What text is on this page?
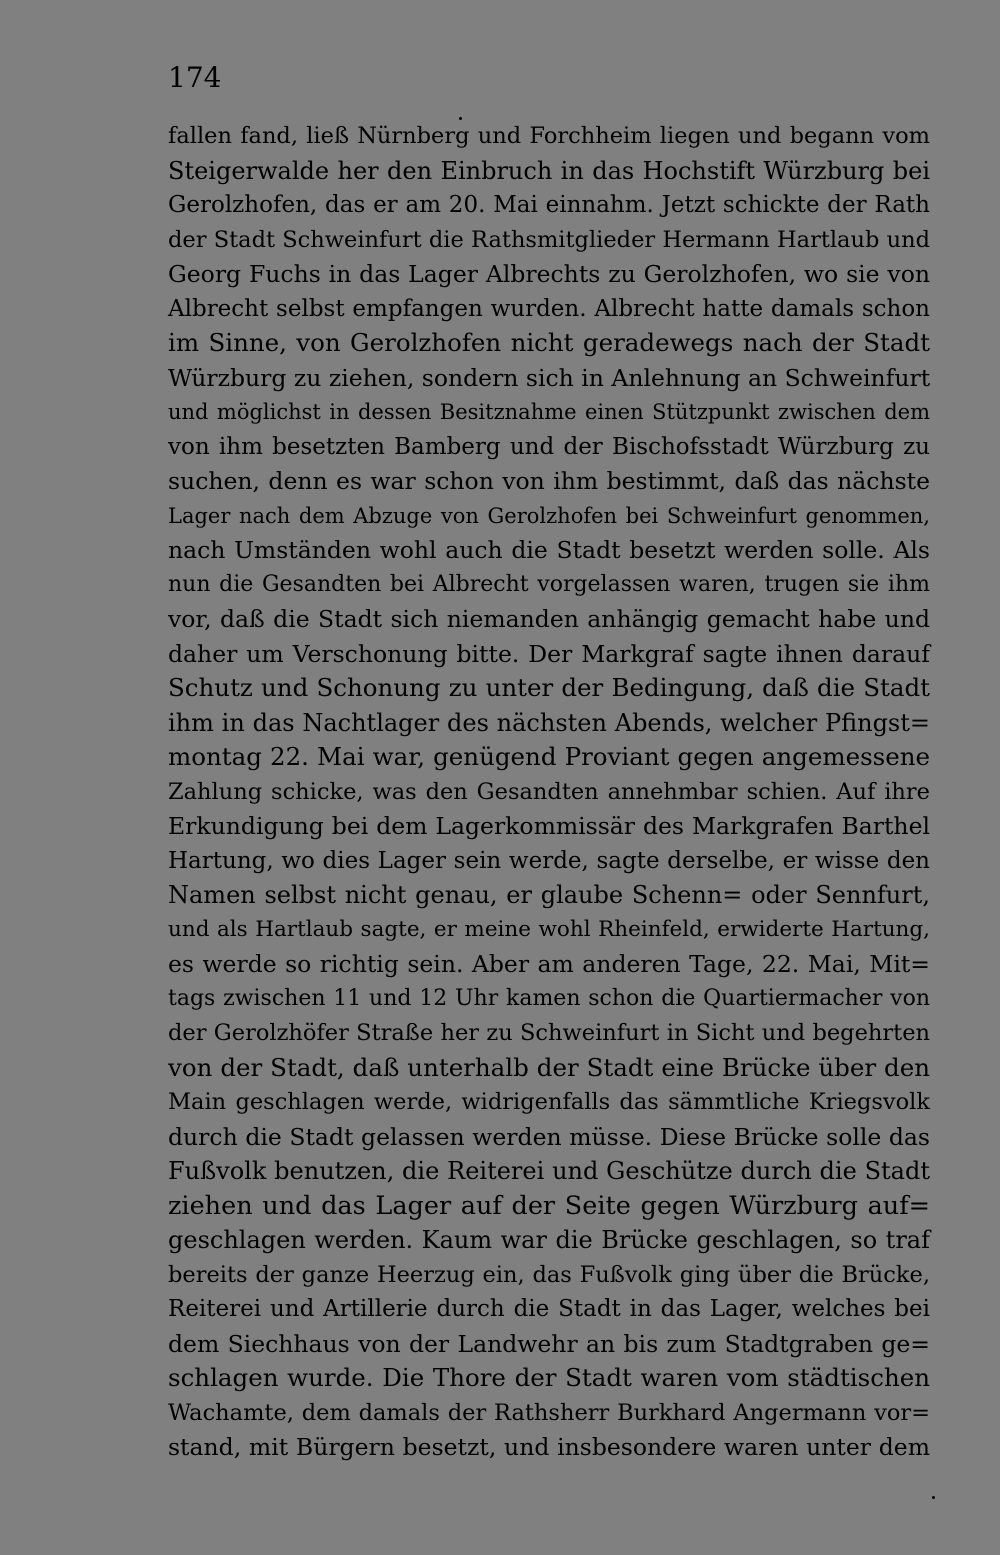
174

fallen fand, ließ Nürnberg und Forchheim liegen und begann vom
Steigerwalde her den Einbruch in das Hochstift Würzburg bei
Gerolzhofen, das er am 20. Mai einnahm. Jetzt schickte der Rath
der Stadt Schweinfurt die Rathsmitglieder Hermann Hartlaub und
Georg Fuchs in das Lager Albrechts zu Gerolzhofen, wo sie von
Albrecht selbst empfangen wurden. Albrecht hatte damals schon
im Sinne, von Gerolzhofen nicht geradewegs nach der Stadt
Würzburg zu ziehen, sondern sich in Anlehnung an Schweinfurt
und möglichst in dessen Besitznahme einen Stützpunkt zwischen dem
von ihm besetzten Bamberg und der Bischofsstadt Würzburg zu
suchen, denn es war schon von ihm bestimmt, daß das nächste
Lager nach dem Abzuge von Gerolzhofen bei Schweinfurt genommen,
nach Umständen wohl auch die Stadt besetzt werden solle. Als
nun die Gesandten bei Albrecht vorgelassen waren, trugen sie ihm
vor, daß die Stadt sich niemanden anhängig gemacht habe und
daher um Verschonung bitte. Der Markgraf sagte ihnen darauf
Schutz und Schonung zu unter der Bedingung, daß die Stadt
ihm in das Nachtlager des nächsten Abends, welcher Pfingst=
montag 22. Mai war, genügend Proviant gegen angemessene
Zahlung schicke, was den Gesandten annehmbar schien. Auf ihre
Erkundigung bei dem Lagerkommissär des Markgrafen Barthel
Hartung, wo dies Lager sein werde, sagte derselbe, er wisse den
Namen selbst nicht genau, er glaube Schenn= oder Sennfurt,
und als Hartlaub sagte, er meine wohl Rheinfeld, erwiderte Hartung,
es werde so richtig sein. Aber am anderen Tage, 22. Mai, Mit=
tags zwischen 11 und 12 Uhr kamen schon die Quartiermacher von
der Gerolzhöfer Straße her zu Schweinfurt in Sicht und begehrten
von der Stadt, daß unterhalb der Stadt eine Brücke über den
Main geschlagen werde, widrigenfalls das sämmtliche Kriegsvolk
durch die Stadt gelassen werden müsse. Diese Brücke solle das
Fußvolk benutzen, die Reiterei und Geschütze durch die Stadt
ziehen und das Lager auf der Seite gegen Würzburg auf=
geschlagen werden. Kaum war die Brücke geschlagen, so traf
bereits der ganze Heerzug ein, das Fußvolk ging über die Brücke,
Reiterei und Artillerie durch die Stadt in das Lager, welches bei
dem Siechhaus von der Landwehr an bis zum Stadtgraben ge=
schlagen wurde. Die Thore der Stadt waren vom städtischen
Wachamte, dem damals der Rathsherr Burkhard Angermann vor=
stand, mit Bürgern besetzt, und insbesondere waren unter dem
